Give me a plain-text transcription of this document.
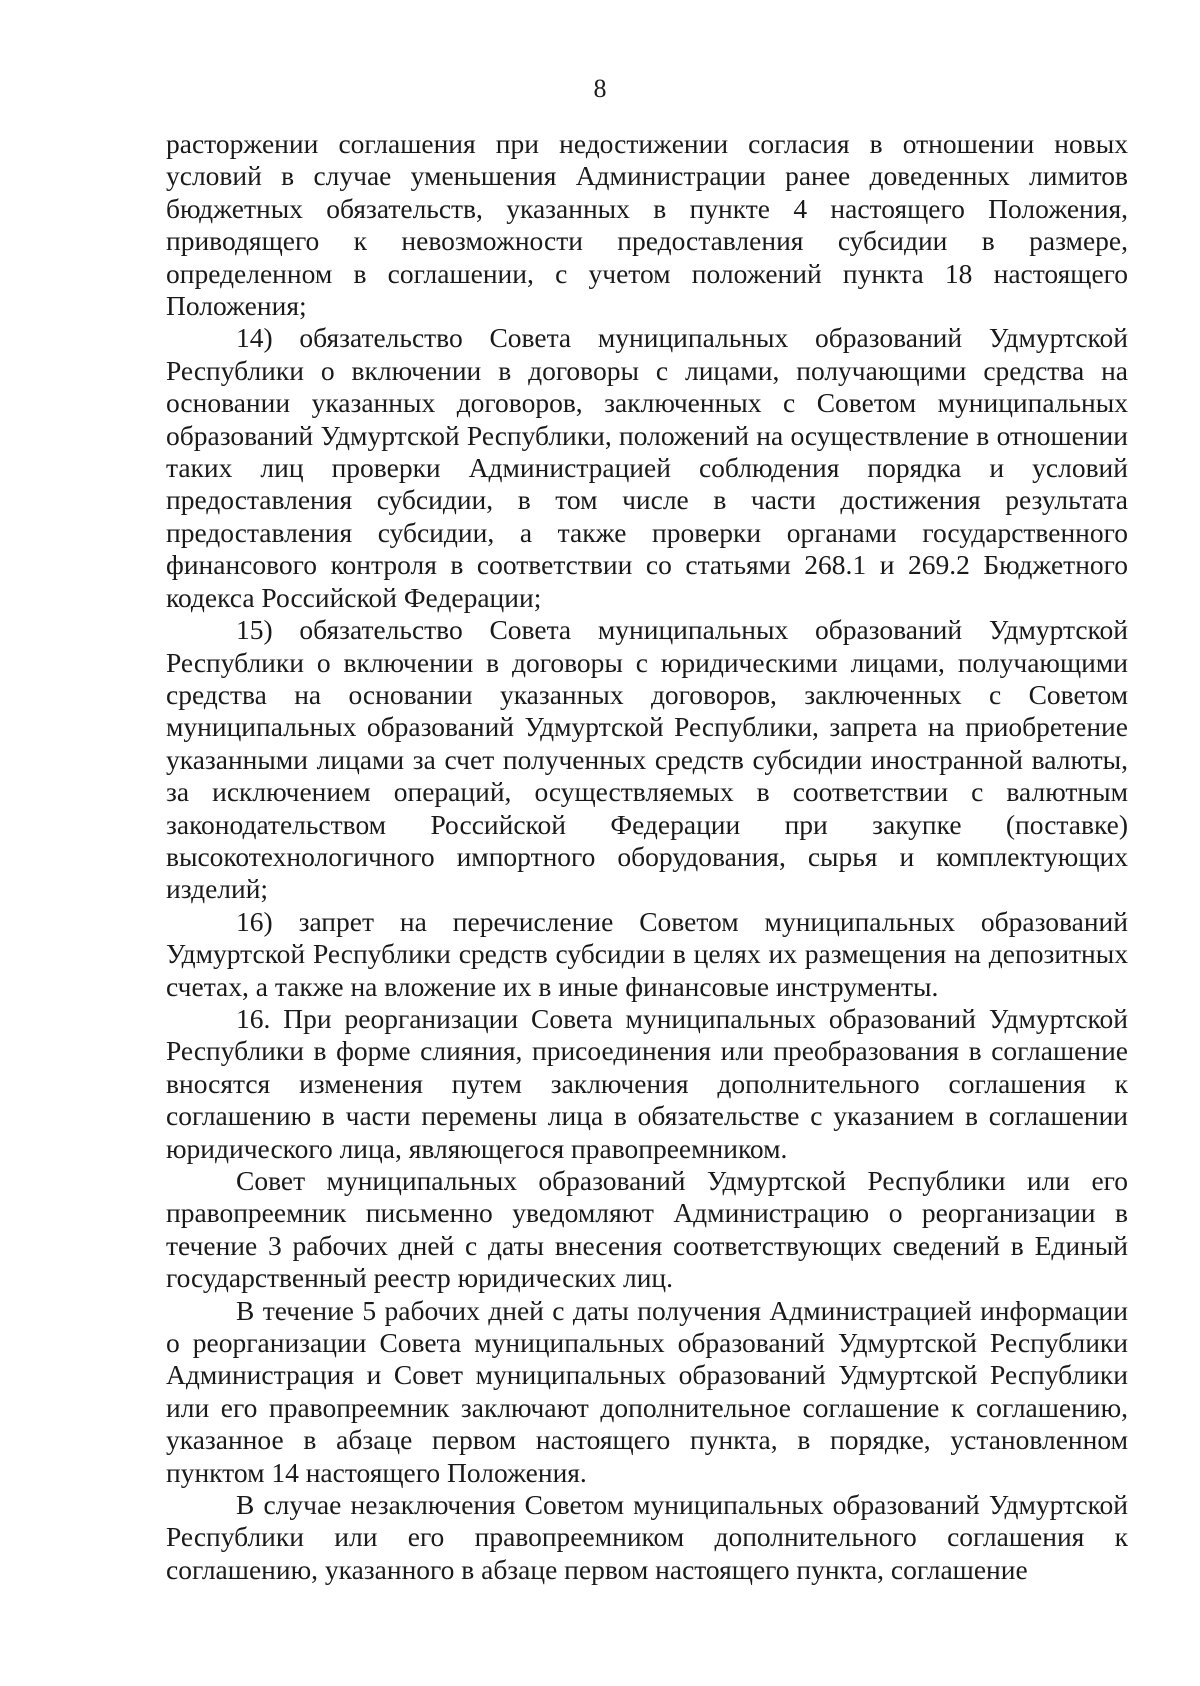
8

расторжении соглашения при недостижении согласия в отношении новых условий в случае уменьшения Администрации ранее доведенных лимитов бюджетных обязательств, указанных в пункте 4 настоящего Положения, приводящего к невозможности предоставления субсидии в размере, определенном в соглашении, с учетом положений пункта 18 настоящего Положения;

14) обязательство Совета муниципальных образований Удмуртской Республики о включении в договоры с лицами, получающими средства на основании указанных договоров, заключенных с Советом муниципальных образований Удмуртской Республики, положений на осуществление в отношении таких лиц проверки Администрацией соблюдения порядка и условий предоставления субсидии, в том числе в части достижения результата предоставления субсидии, а также проверки органами государственного финансового контроля в соответствии со статьями 268.1 и 269.2 Бюджетного кодекса Российской Федерации;

15) обязательство Совета муниципальных образований Удмуртской Республики о включении в договоры с юридическими лицами, получающими средства на основании указанных договоров, заключенных с Советом муниципальных образований Удмуртской Республики, запрета на приобретение указанными лицами за счет полученных средств субсидии иностранной валюты, за исключением операций, осуществляемых в соответствии с валютным законодательством Российской Федерации при закупке (поставке) высокотехнологичного импортного оборудования, сырья и комплектующих изделий;

16) запрет на перечисление Советом муниципальных образований Удмуртской Республики средств субсидии в целях их размещения на депозитных счетах, а также на вложение их в иные финансовые инструменты.

16. При реорганизации Совета муниципальных образований Удмуртской Республики в форме слияния, присоединения или преобразования в соглашение вносятся изменения путем заключения дополнительного соглашения к соглашению в части перемены лица в обязательстве с указанием в соглашении юридического лица, являющегося правопреемником.

Совет муниципальных образований Удмуртской Республики или его правопреемник письменно уведомляют Администрацию о реорганизации в течение 3 рабочих дней с даты внесения соответствующих сведений в Единый государственный реестр юридических лиц.

В течение 5 рабочих дней с даты получения Администрацией информации о реорганизации Совета муниципальных образований Удмуртской Республики Администрация и Совет муниципальных образований Удмуртской Республики или его правопреемник заключают дополнительное соглашение к соглашению, указанное в абзаце первом настоящего пункта, в порядке, установленном пунктом 14 настоящего Положения.

В случае незаключения Советом муниципальных образований Удмуртской Республики или его правопреемником дополнительного соглашения к соглашению, указанного в абзаце первом настоящего пункта, соглашение
